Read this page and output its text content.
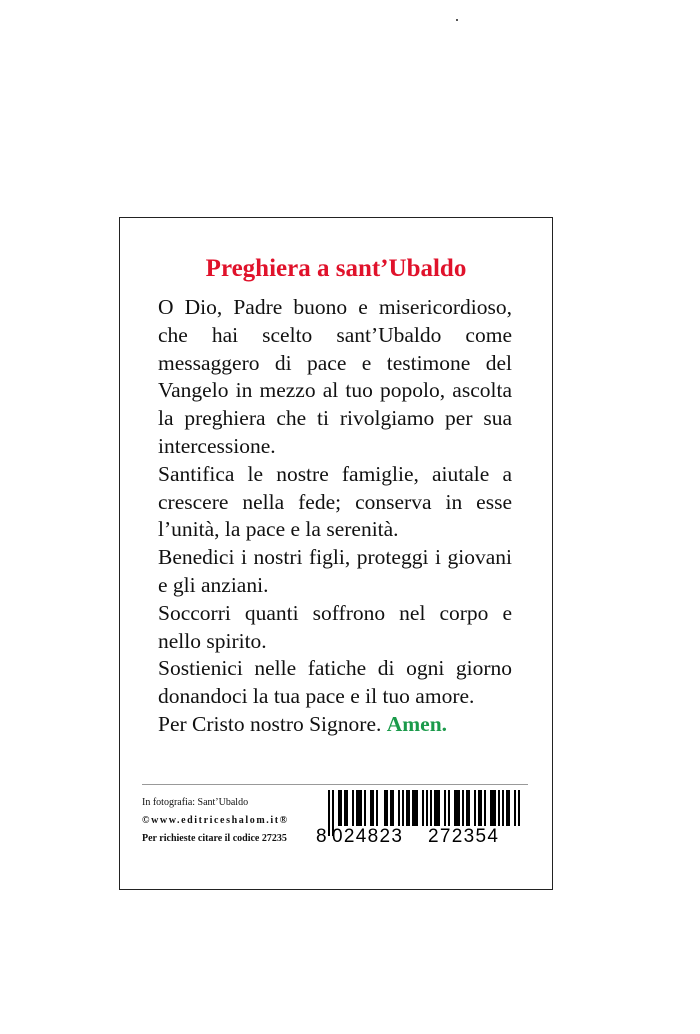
Preghiera a sant’Ubaldo

O Dio, Padre buono e misericordioso, che hai scelto sant’Ubaldo come messaggero di pace e testimone del Vangelo in mezzo al tuo popolo, ascolta la preghiera che ti rivolgiamo per sua intercessione.

Santifica le nostre famiglie, aiutale a crescere nella fede; conserva in esse l’unità, la pace e la serenità.

Benedici i nostri figli, proteggi i giovani e gli anziani.

Soccorri quanti soffrono nel corpo e nello spirito.

Sostienici nelle fatiche di ogni giorno donandoci la tua pace e il tuo amore.

Per Cristo nostro Signore. Amen.

In fotografia: Sant’Ubaldo
©www.editriceshalom.it®
Per richieste citare il codice 27235 8 024823 272354
